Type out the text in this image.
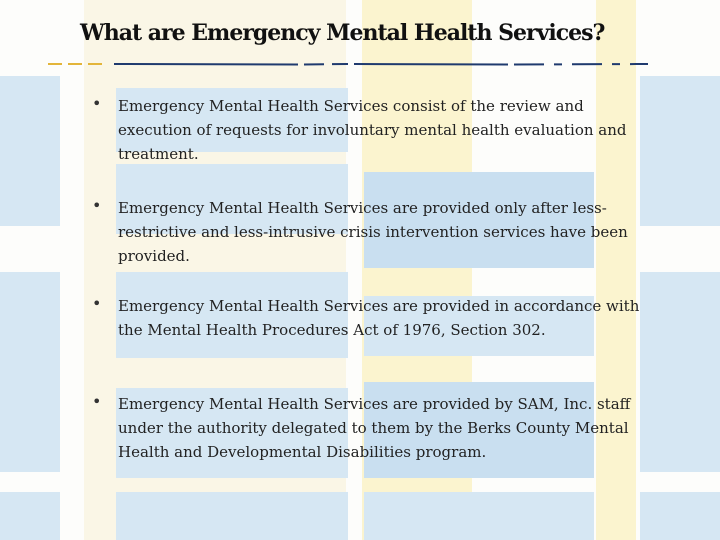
What are Emergency Mental Health Services?
• Emergency Mental Health Services consist of the review and execution of requests for involuntary mental health evaluation and treatment.
• Emergency Mental Health Services are provided only after less-restrictive and less-intrusive crisis intervention services have been provided.
• Emergency Mental Health Services are provided in accordance with the Mental Health Procedures Act of 1976, Section 302.
• Emergency Mental Health Services are provided by SAM, Inc. staff under the authority delegated to them by the Berks County Mental Health and Developmental Disabilities program.
